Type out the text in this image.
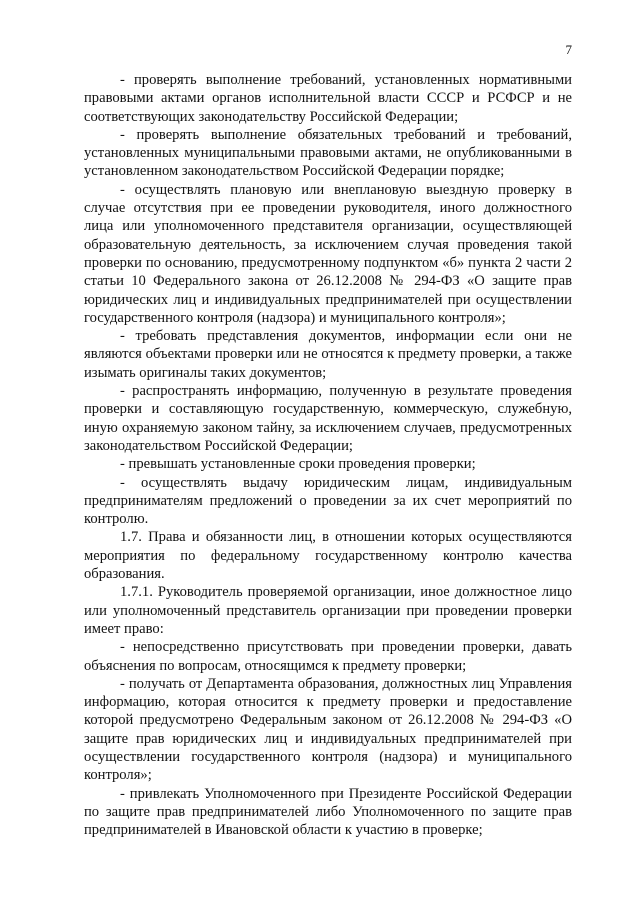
7

- проверять выполнение требований, установленных нормативными правовыми актами органов исполнительной власти СССР и РСФСР и не соответствующих законодательству Российской Федерации;

- проверять выполнение обязательных требований и требований, установленных муниципальными правовыми актами, не опубликованными в установленном законодательством Российской Федерации порядке;

- осуществлять плановую или внеплановую выездную проверку в случае отсутствия при ее проведении руководителя, иного должностного лица или уполномоченного представителя организации, осуществляющей образовательную деятельность, за исключением случая проведения такой проверки по основанию, предусмотренному подпунктом «б» пункта 2 части 2 статьи 10 Федерального закона от 26.12.2008 № 294-ФЗ «О защите прав юридических лиц и индивидуальных предпринимателей при осуществлении государственного контроля (надзора) и муниципального контроля»;

- требовать представления документов, информации если они не являются объектами проверки или не относятся к предмету проверки, а также изымать оригиналы таких документов;

- распространять информацию, полученную в результате проведения проверки и составляющую государственную, коммерческую, служебную, иную охраняемую законом тайну, за исключением случаев, предусмотренных законодательством Российской Федерации;

- превышать установленные сроки проведения проверки;

- осуществлять выдачу юридическим лицам, индивидуальным предпринимателям предложений о проведении за их счет мероприятий по контролю.

1.7. Права и обязанности лиц, в отношении которых осуществляются мероприятия по федеральному государственному контролю качества образования.

1.7.1. Руководитель проверяемой организации, иное должностное лицо или уполномоченный представитель организации при проведении проверки имеет право:

- непосредственно присутствовать при проведении проверки, давать объяснения по вопросам, относящимся к предмету проверки;

- получать от Департамента образования, должностных лиц Управления информацию, которая относится к предмету проверки и предоставление которой предусмотрено Федеральным законом от 26.12.2008 № 294-ФЗ «О защите прав юридических лиц и индивидуальных предпринимателей при осуществлении государственного контроля (надзора) и муниципального контроля»;

- привлекать Уполномоченного при Президенте Российской Федерации по защите прав предпринимателей либо Уполномоченного по защите прав предпринимателей в Ивановской области к участию в проверке;
